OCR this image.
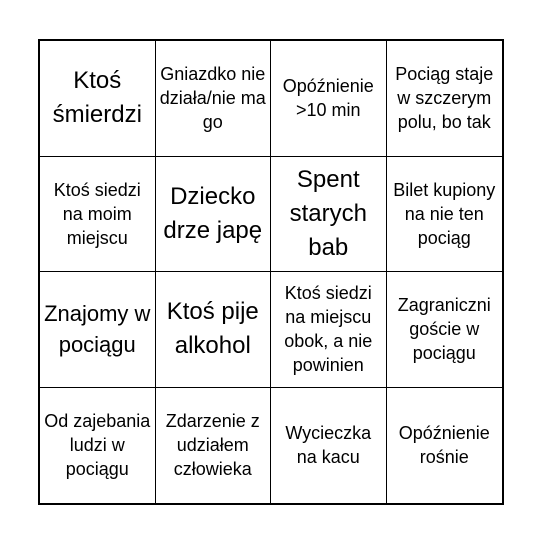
Ktoś śmierdzi
Gniazdko nie działa/nie ma go
Opóźnienie >10 min
Pociąg staje w szczerym polu, bo tak
Ktoś siedzi na moim miejscu
Dziecko drze japę
Spent starych bab
Bilet kupiony na nie ten pociąg
Znajomy w pociągu
Ktoś pije alkohol
Ktoś siedzi na miejscu obok, a nie powinien
Zagraniczni goście w pociągu
Od zajebania ludzi w pociągu
Zdarzenie z udziałem człowieka
Wycieczka na kacu
Opóźnienie rośnie
